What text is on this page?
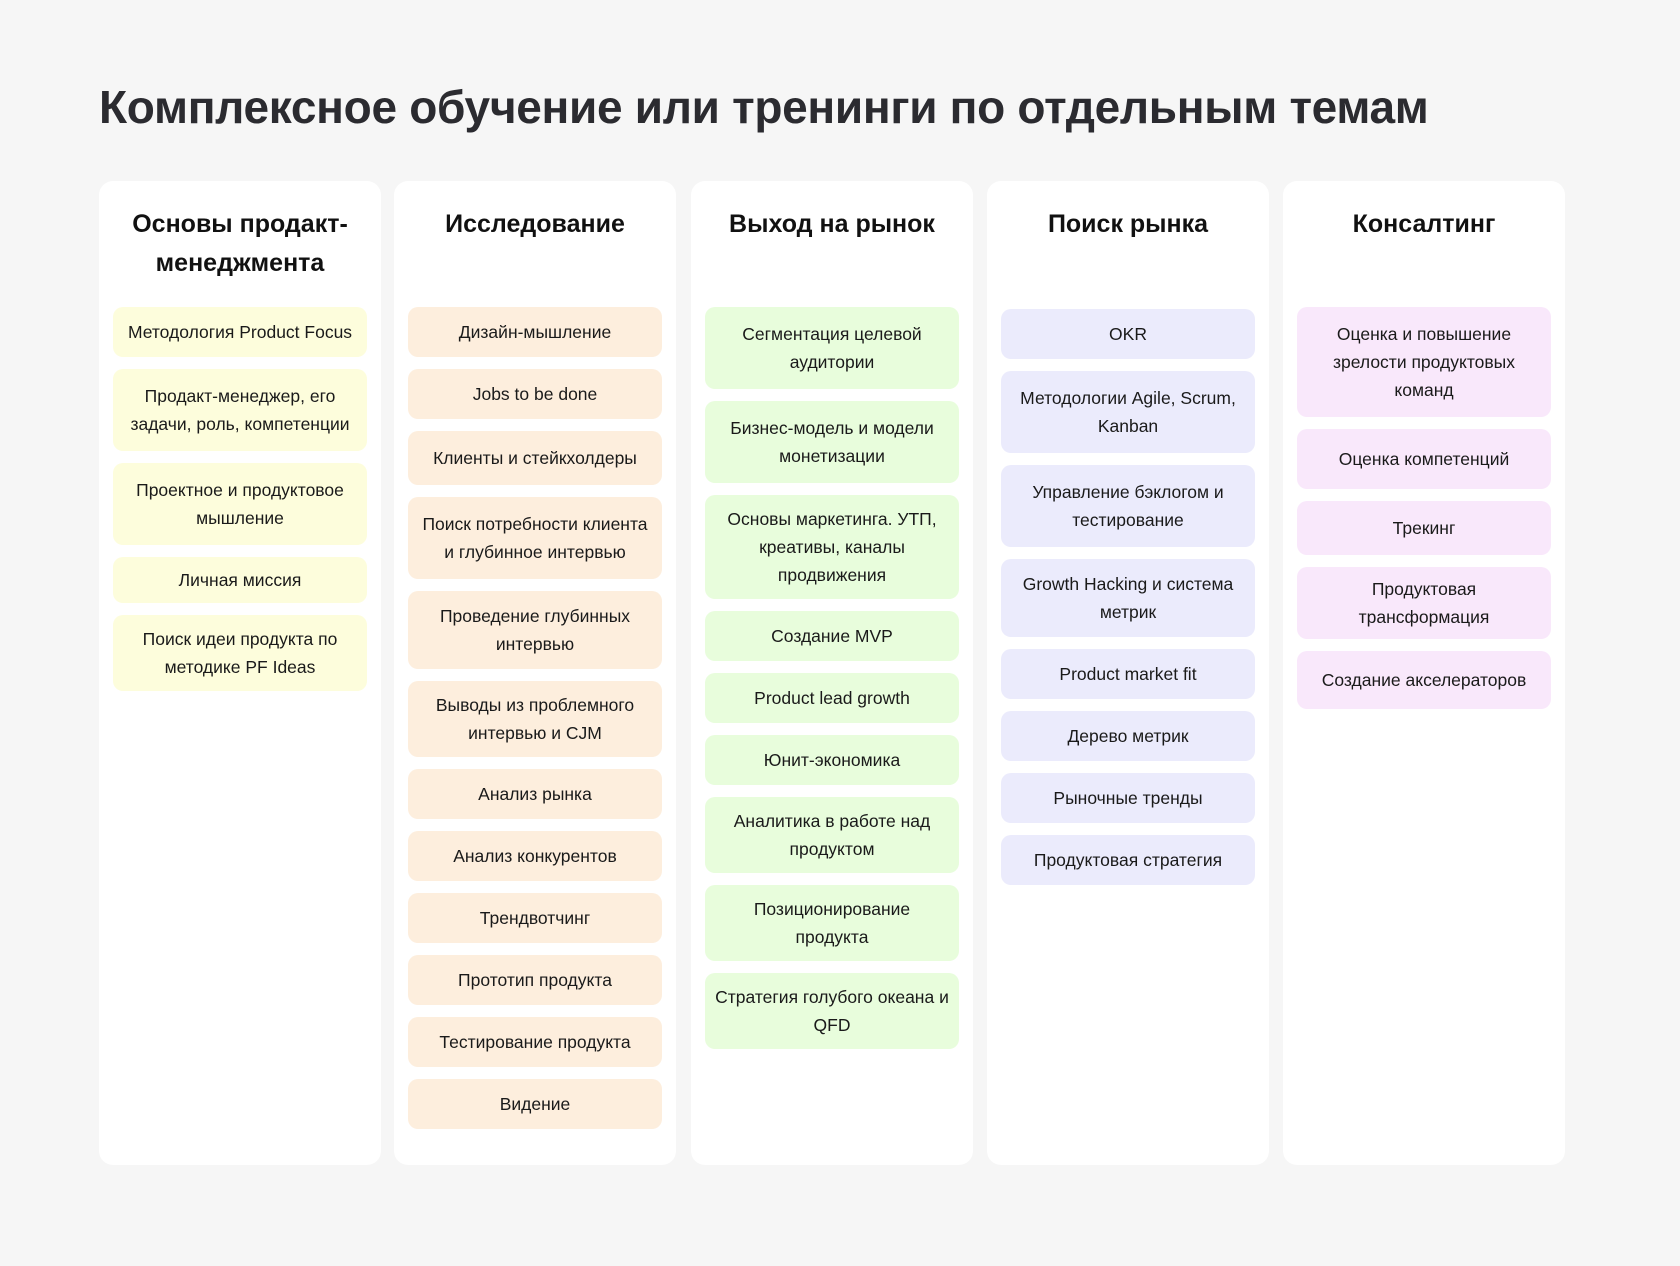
Комплексное обучение или тренинги по отдельным темам
Основы продакт-менеджмента
Методология Product Focus
Продакт-менеджер, его задачи, роль, компетенции
Проектное и продуктовое мышление
Личная миссия
Поиск идеи продукта по методике PF Ideas
Исследование
Дизайн-мышление
Jobs to be done
Клиенты и стейкхолдеры
Поиск потребности клиента и глубинное интервью
Проведение глубинных интервью
Выводы из проблемного интервью и CJM
Анализ рынка
Анализ конкурентов
Трендвотчинг
Прототип продукта
Тестирование продукта
Видение
Выход на рынок
Сегментация целевой аудитории
Бизнес-модель и модели монетизации
Основы маркетинга. УТП, креативы, каналы продвижения
Создание MVP
Product lead growth
Юнит-экономика
Аналитика в работе над продуктом
Позиционирование продукта
Стратегия голубого океана и QFD
Поиск рынка
OKR
Методологии Agile, Scrum, Kanban
Управление бэклогом и тестирование
Growth Hacking и система метрик
Product market fit
Дерево метрик
Рыночные тренды
Продуктовая стратегия
Консалтинг
Оценка и повышение зрелости продуктовых команд
Оценка компетенций
Трекинг
Продуктовая трансформация
Создание акселераторов
